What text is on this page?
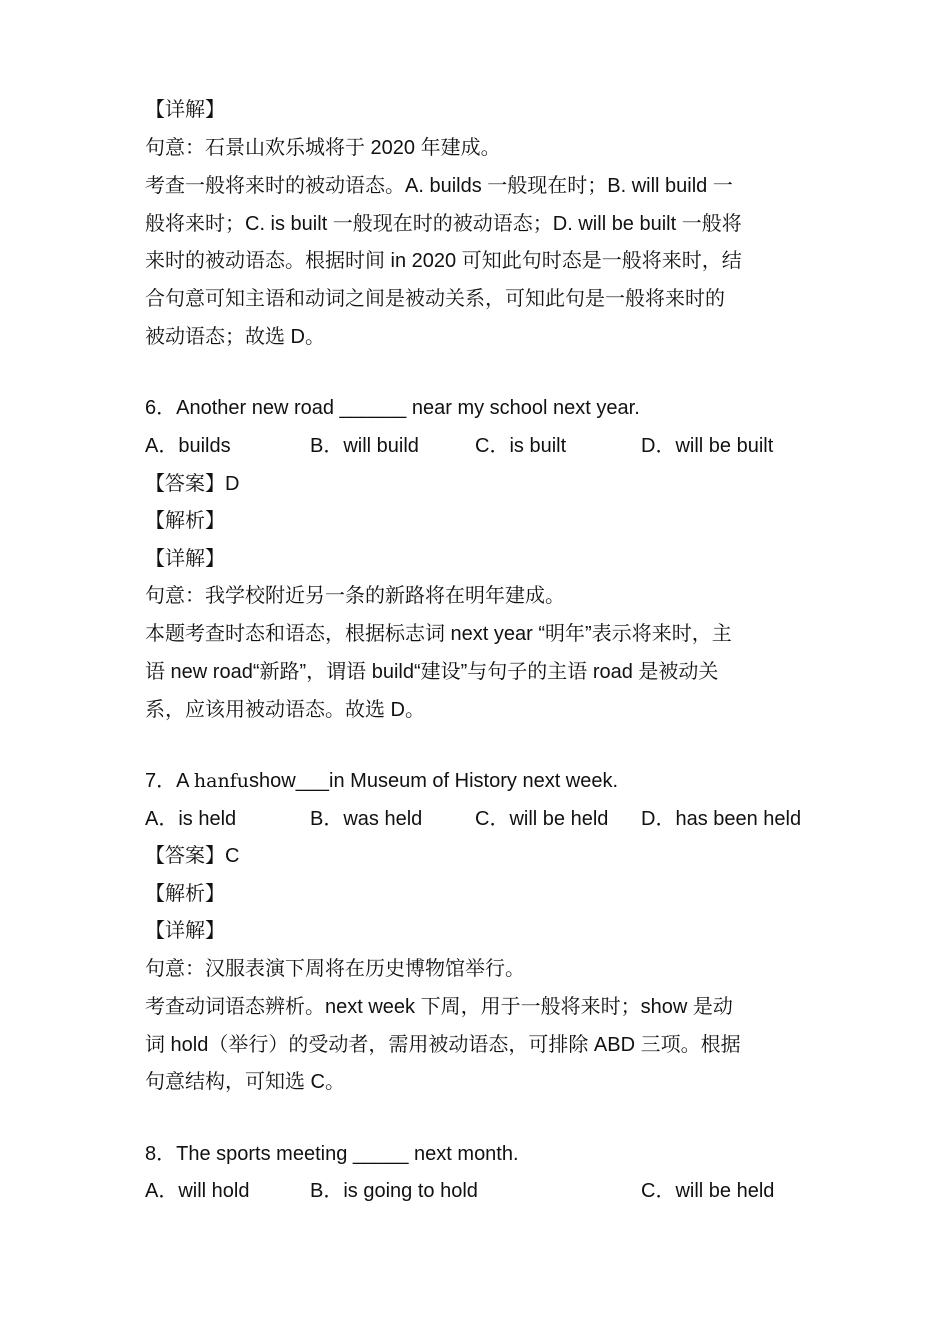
【详解】
句意：石景山欢乐城将于 2020 年建成。
考查一般将来时的被动语态。A. builds 一般现在时；B. will build 一
般将来时；C. is built 一般现在时的被动语态；D. will be built 一般将
来时的被动语态。根据时间 in 2020 可知此句时态是一般将来时，结
合句意可知主语和动词之间是被动关系，可知此句是一般将来时的
被动语态；故选 D。
6．Another new road ______ near my school next year.
A．builds	B．will build	C．is built	D．will be built
【答案】D
【解析】
【详解】
句意：我学校附近另一条的新路将在明年建成。
本题考查时态和语态，根据标志词 next year “明年”表示将来时，主
语 new road“新路”，谓语 build“建设”与句子的主语 road 是被动关
系，应该用被动语态。故选 D。
7．A hanfushow___in Museum of History next week.
A．is held	B．was held	C．will be held D．has been held
【答案】C
【解析】
【详解】
句意：汉服表演下周将在历史博物馆举行。
考查动词语态辨析。next week 下周，用于一般将来时；show 是动
词 hold（举行）的受动者，需用被动语态，可排除 ABD 三项。根据
句意结构，可知选 C。
8．The sports meeting _____ next month.
A．will hold	B．is going to hold	C．will be held
